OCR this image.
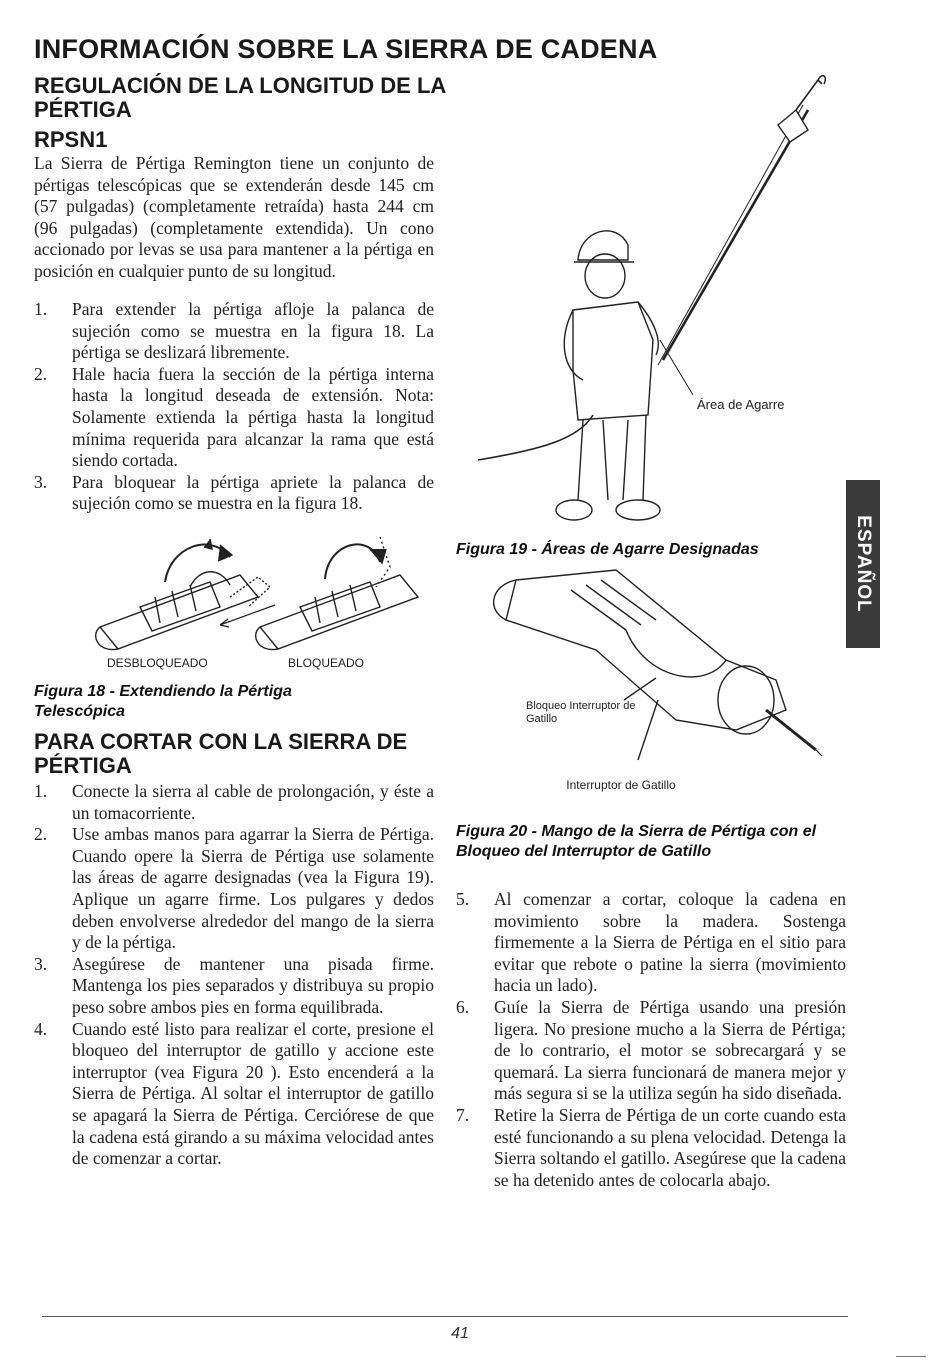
INFORMACIÓN SOBRE LA SIERRA DE CADENA
REGULACIÓN DE LA LONGITUD DE LA PÉRTIGA
RPSN1
La Sierra de Pértiga Remington tiene un conjunto de pértigas telescópicas que se extenderán desde 145 cm (57 pulgadas) (completamente retraída) hasta 244 cm (96 pulgadas) (completamente extendida). Un cono accionado por levas se usa para mantener a la pértiga en posición en cualquier punto de su longitud.
1.	Para extender la pértiga afloje la palanca de sujeción como se muestra en la figura 18. La pértiga se deslizará libremente.
2.	Hale hacia fuera la sección de la pértiga interna hasta la longitud deseada de extensión. Nota: Solamente extienda la pértiga hasta la longitud mínima requerida para alcanzar la rama que está siendo cortada.
3.	Para bloquear la pértiga apriete la palanca de sujeción como se muestra en la figura 18.
DESBLOQUEADO	BLOQUEADO
Figura 18 - Extendiendo la Pértiga Telescópica
PARA CORTAR CON LA SIERRA DE PÉRTIGA
1.	Conecte la sierra al cable de prolongación, y éste a un tomacorriente.
2.	Use ambas manos para agarrar la Sierra de Pértiga. Cuando opere la Sierra de Pértiga use solamente las áreas de agarre designadas (vea la Figura 19). Aplique un agarre firme. Los pulgares y dedos deben envolverse alrededor del mango de la sierra y de la pértiga.
3.	Asegúrese de mantener una pisada firme. Mantenga los pies separados y distribuya su propio peso sobre ambos pies en forma equilibrada.
4.	Cuando esté listo para realizar el corte, presione el bloqueo del interruptor de gatillo y accione este interruptor (vea Figura 20 ). Esto encenderá a la Sierra de Pértiga. Al soltar el interruptor de gatillo se apagará la Sierra de Pértiga. Cerciórese de que la cadena está girando a su máxima velocidad antes de comenzar a cortar.
Área de Agarre
Figura 19 - Áreas de Agarre Designadas
Bloqueo Interruptor de Gatillo
Interruptor de Gatillo
Figura 20 - Mango de la Sierra de Pértiga con el Bloqueo del Interruptor de Gatillo
5.	Al comenzar a cortar, coloque la cadena en movimiento sobre la madera. Sostenga firmemente a la Sierra de Pértiga en el sitio para evitar que rebote o patine la sierra (movimiento hacia un lado).
6.	Guíe la Sierra de Pértiga usando una presión ligera. No presione mucho a la Sierra de Pértiga; de lo contrario, el motor se sobrecargará y se quemará. La sierra funcionará de manera mejor y más segura si se la utiliza según ha sido diseñada.
7.	Retire la Sierra de Pértiga de un corte cuando esta esté funcionando a su plena velocidad. Detenga la Sierra soltando el gatillo. Asegúrese que la cadena se ha detenido antes de colocarla abajo.
ESPAÑOL
41
